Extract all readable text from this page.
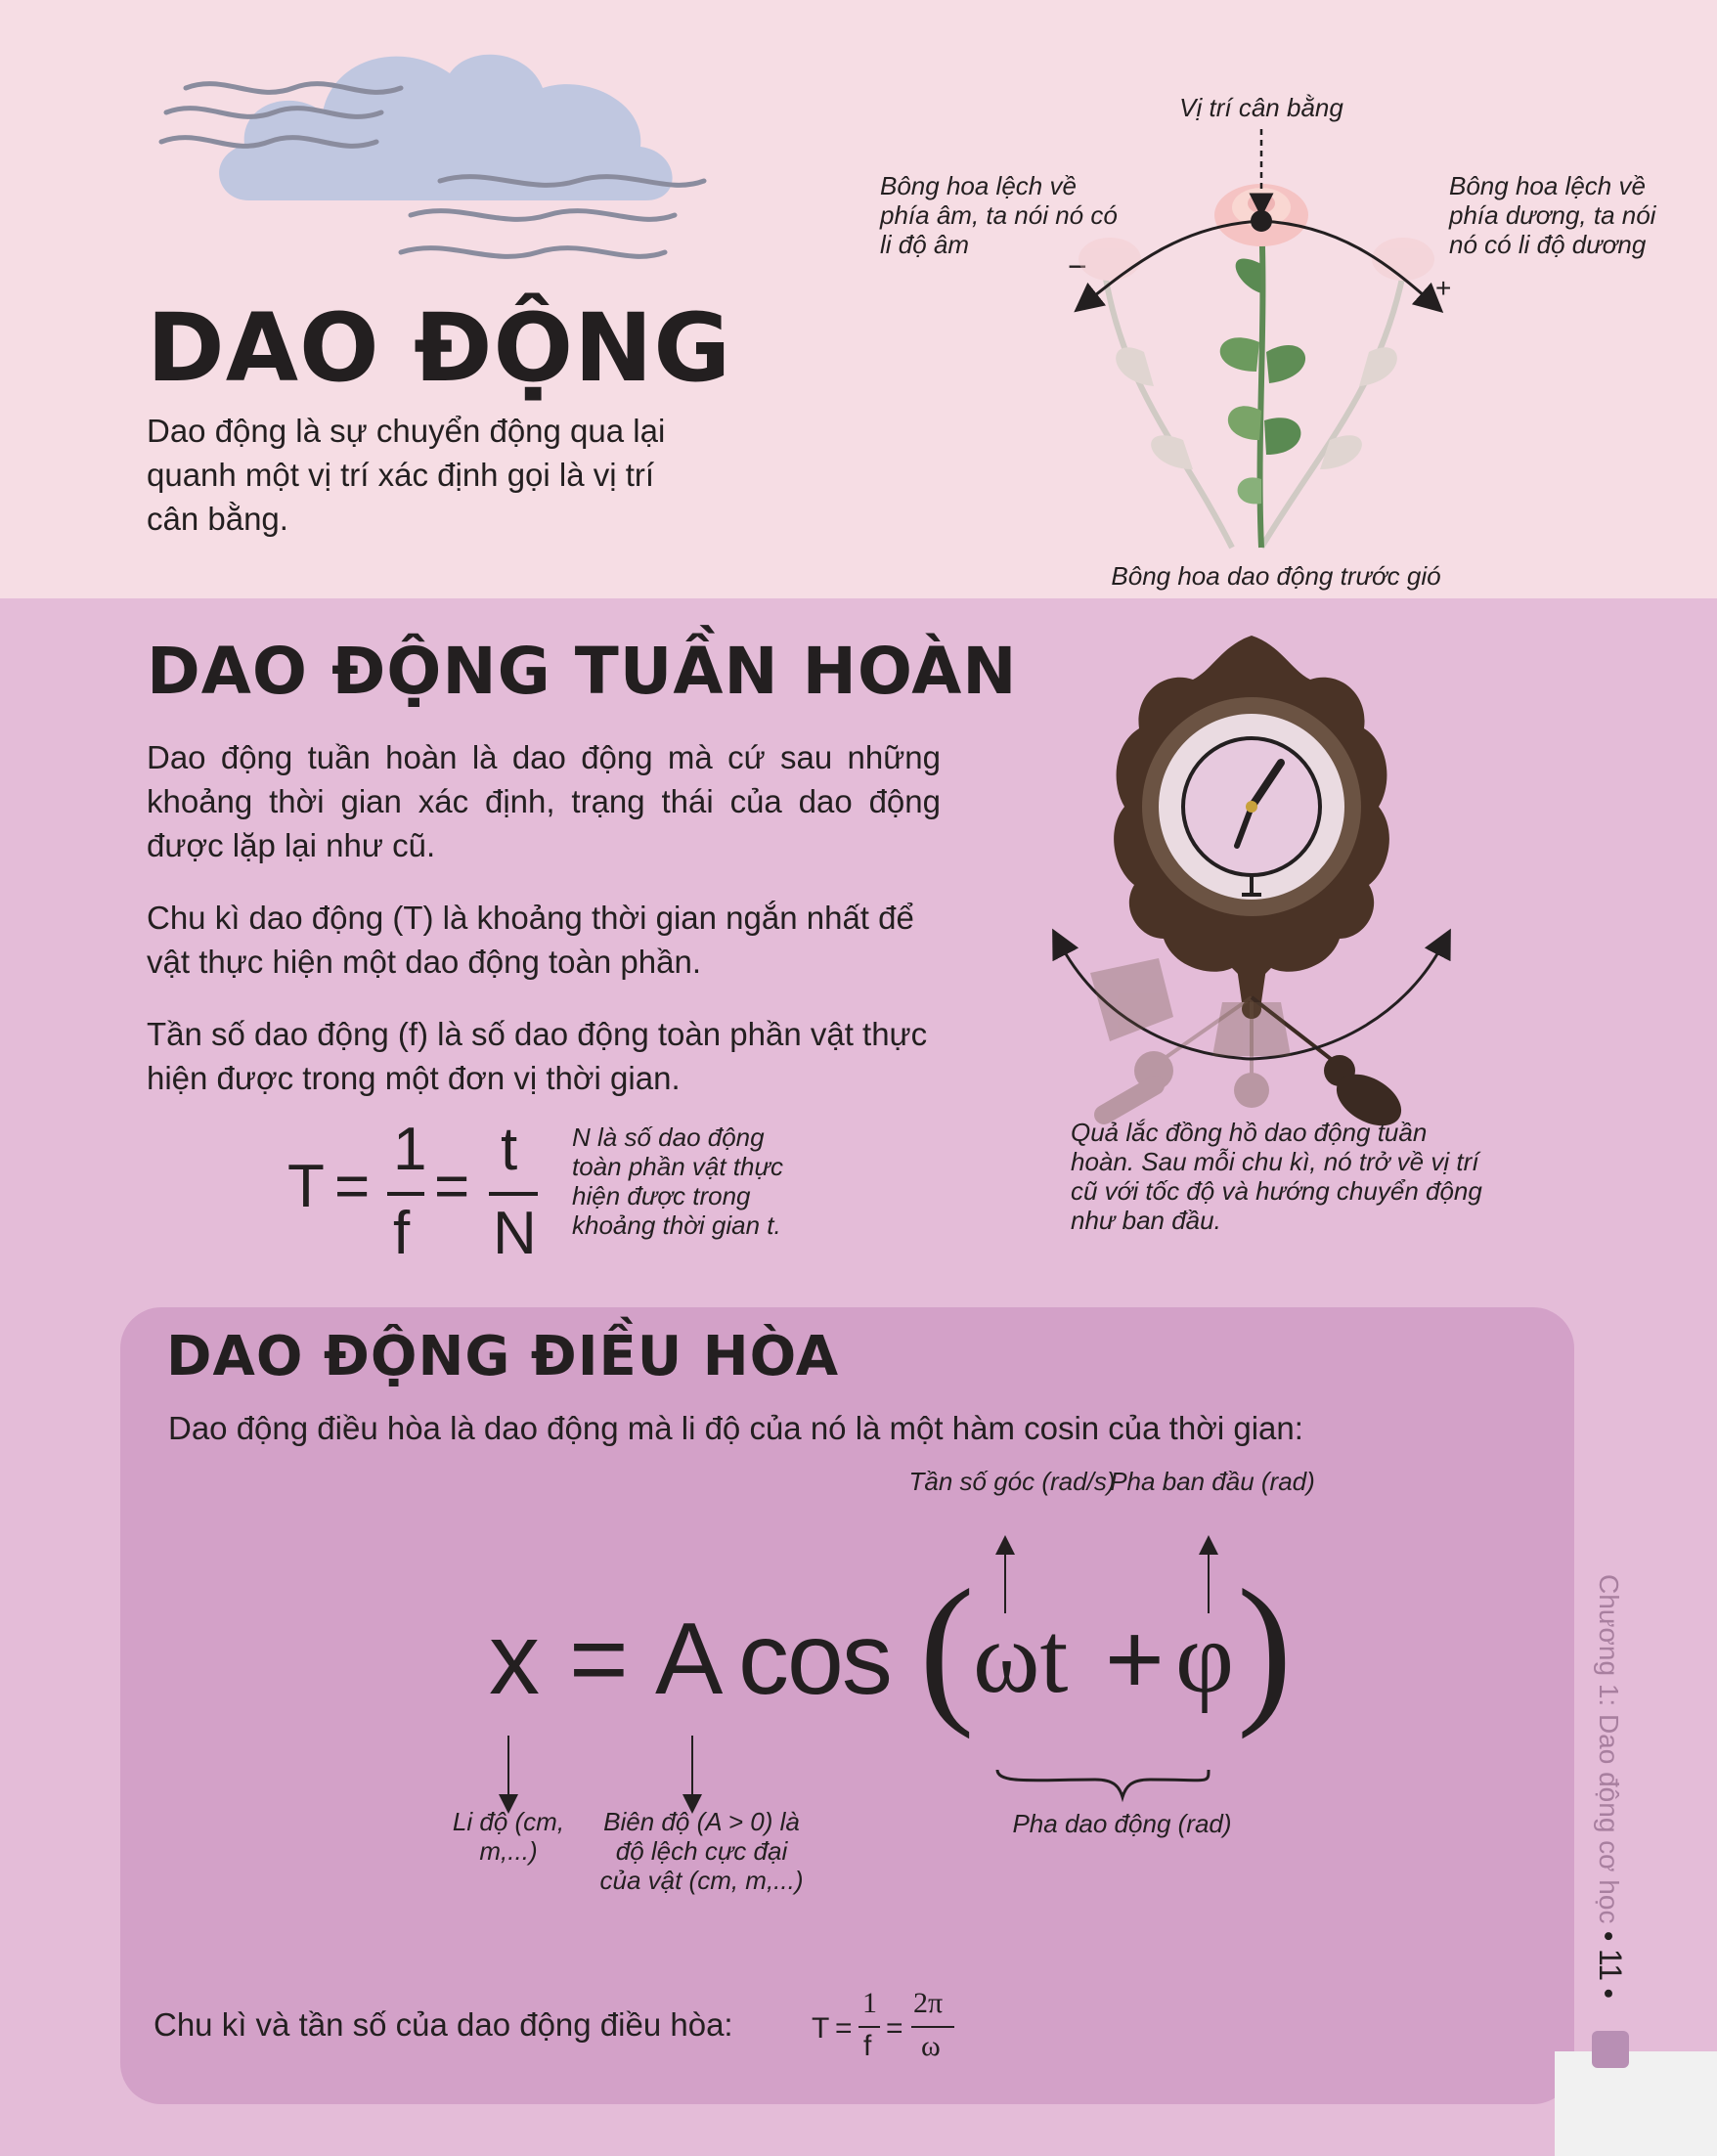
DAO ĐỘNG

Dao động là sự chuyển động qua lại quanh một vị trí xác định gọi là vị trí cân bằng.

Vị trí cân bằng

Bông hoa lệch về phía âm, ta nói nó có li độ âm

Bông hoa lệch về phía dương, ta nói nó có li độ dương

−

+

Bông hoa dao động trước gió

DAO ĐỘNG TUẦN HOÀN

Dao động tuần hoàn là dao động mà cứ sau những khoảng thời gian xác định, trạng thái của dao động được lặp lại như cũ.

Chu kì dao động (T) là khoảng thời gian ngắn nhất để vật thực hiện một dao động toàn phần.

Tần số dao động (f) là số dao động toàn phần vật thực hiện được trong một đơn vị thời gian.

T =
1
f
=
t
N

N là số dao động toàn phần vật thực hiện được trong khoảng thời gian t.

Quả lắc đồng hồ dao động tuần hoàn. Sau mỗi chu kì, nó trở về vị trí cũ với tốc độ và hướng chuyển động như ban đầu.

DAO ĐỘNG ĐIỀU HÒA

Dao động điều hòa là dao động mà li độ của nó là một hàm cosin của thời gian:

Tần số góc (rad/s)

Pha ban đầu (rad)

x = A cos (
ωt + φ )

Li độ (cm, m,...)

Biên độ (A > 0) là độ lệch cực đại của vật (cm, m,...)

Pha dao động (rad)

Chu kì và tần số của dao động điều hòa:	T =
1
f
=
2π
ω
Chương 1: Dao động cơ học • 11 •
